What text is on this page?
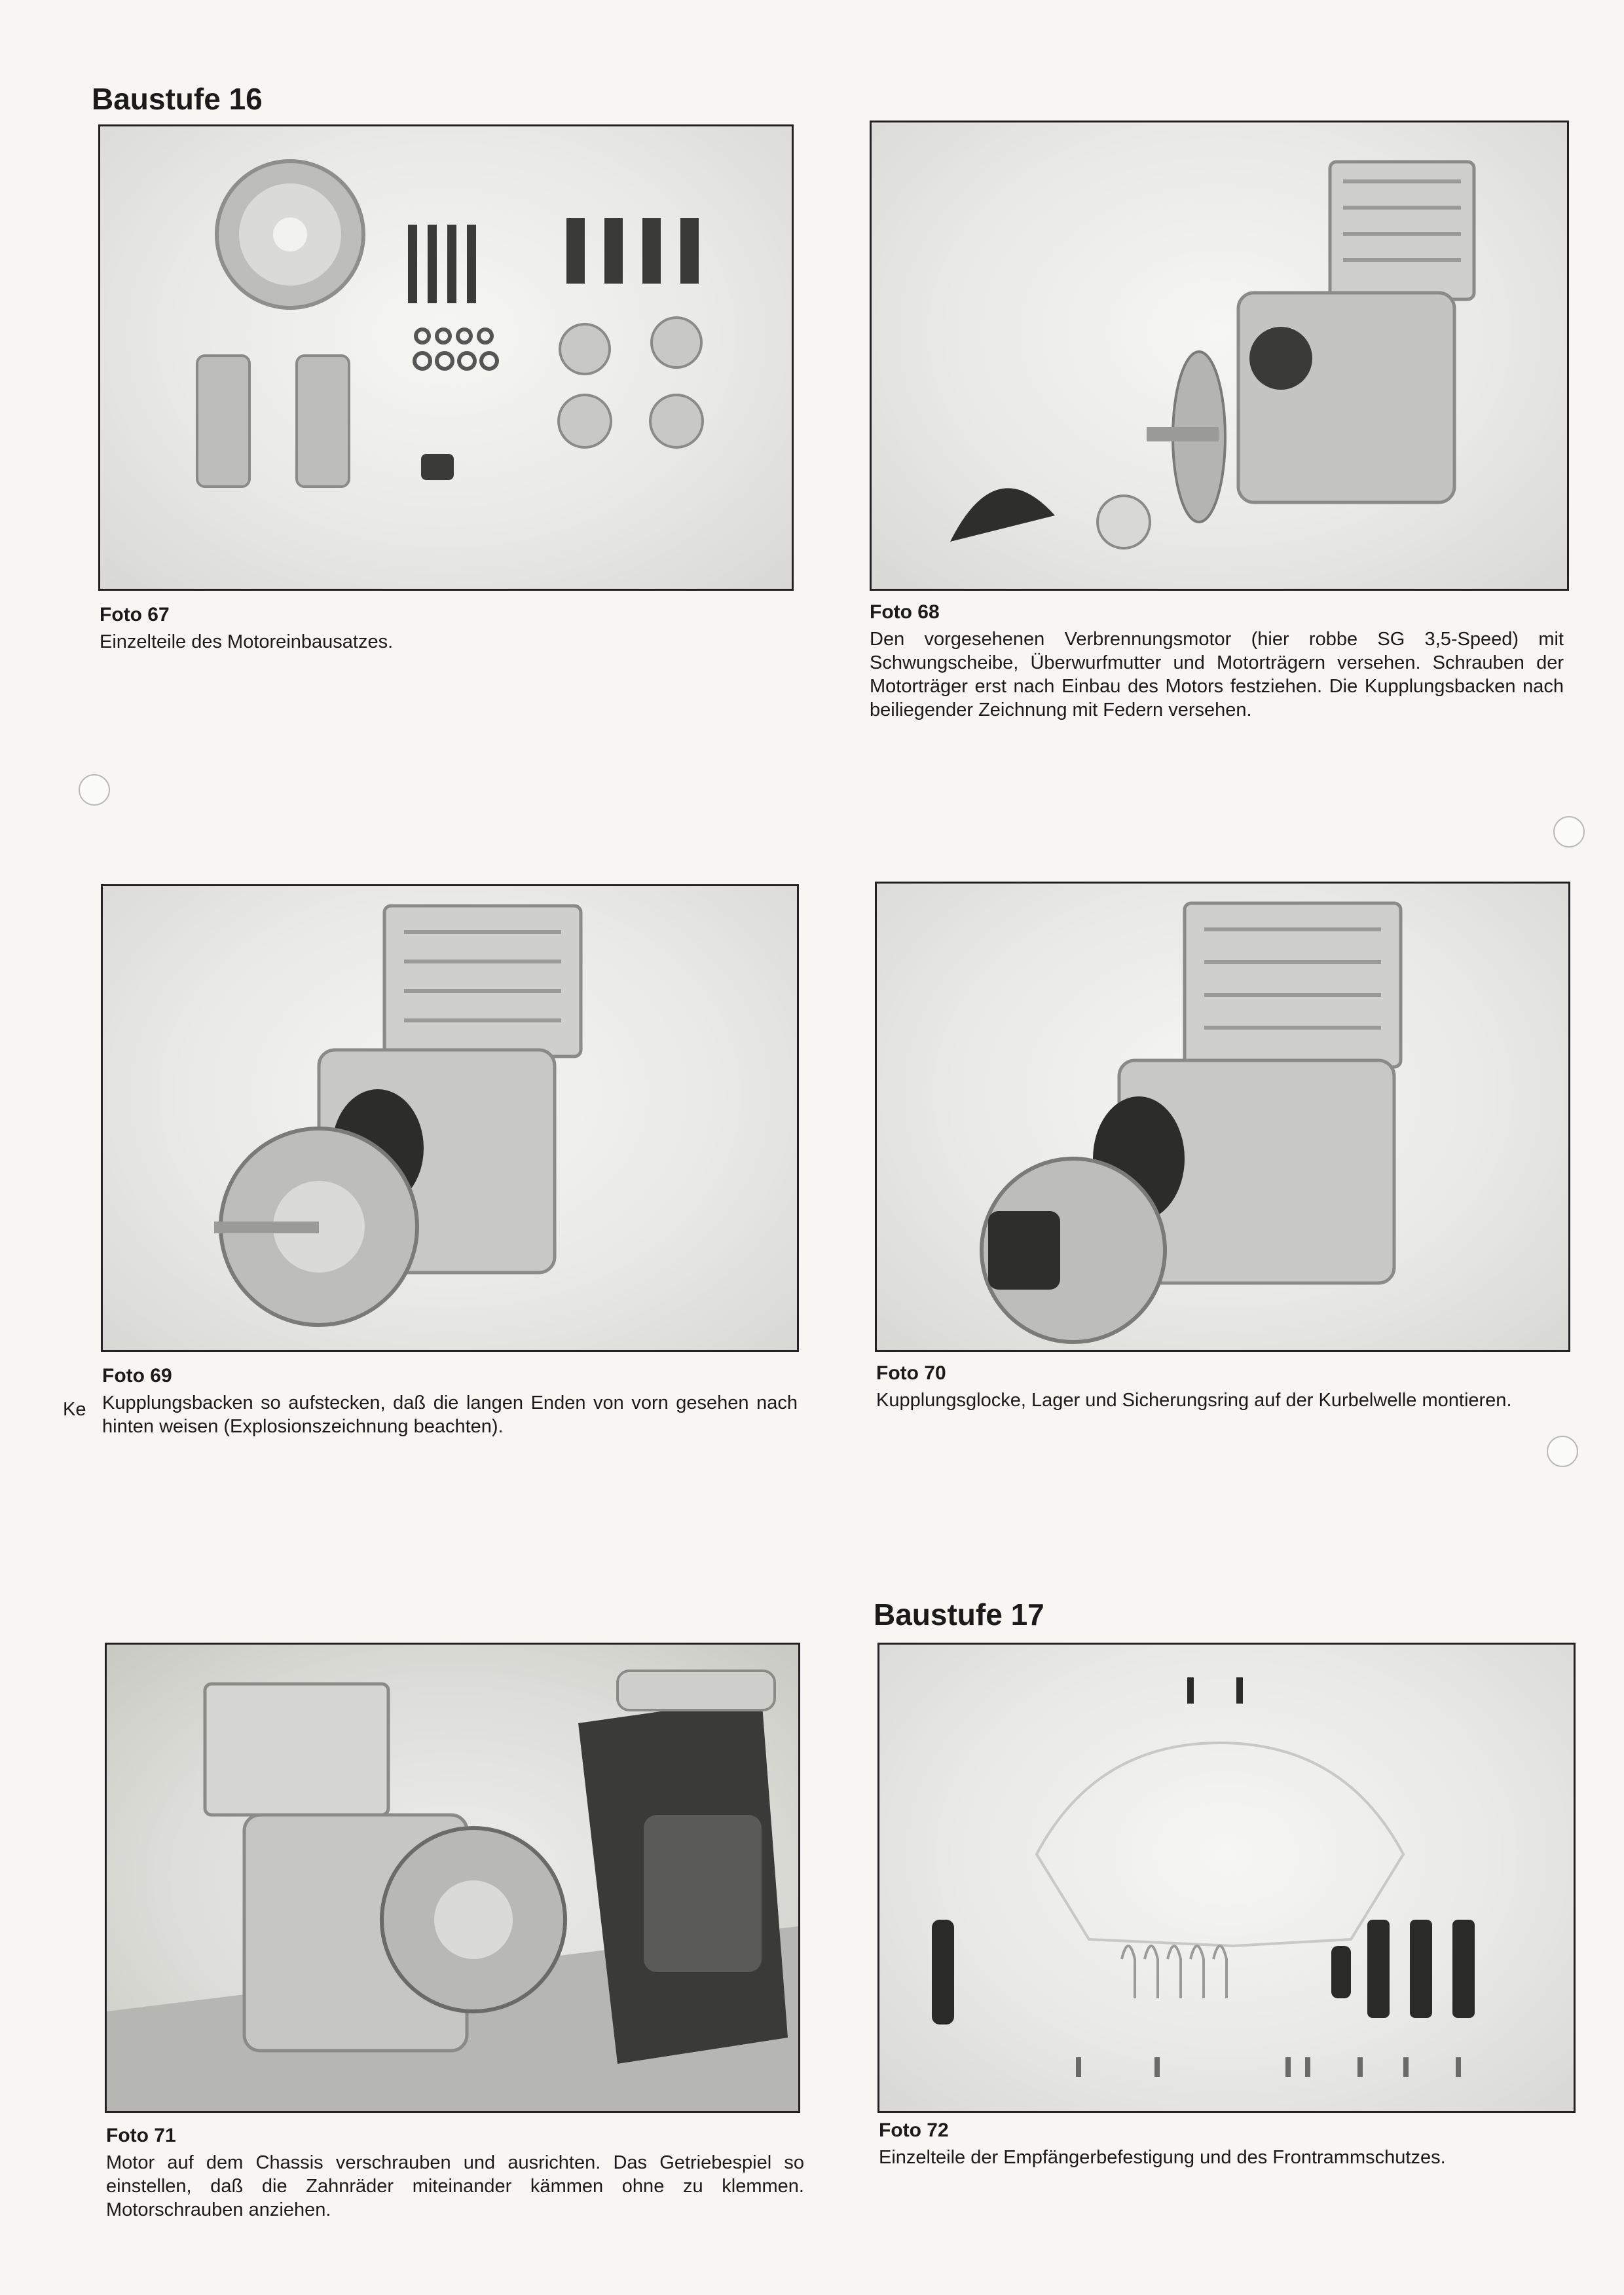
Baustufe 16
Baustufe 17

Foto 67

Einzelteile des Motoreinbausatzes.

Foto 68

Den vorgesehenen Verbrennungsmotor (hier robbe SG 3,5-Speed) mit Schwungscheibe, Überwurfmutter und Motorträgern versehen. Schrauben der Motorträger erst nach Einbau des Motors festziehen. Die Kupplungsbacken nach beiliegender Zeichnung mit Federn versehen.

Foto 69

Ke Kupplungsbacken so aufstecken, daß die langen Enden von vorn gesehen nach hinten weisen (Explosionszeichnung beachten).

Foto 70

Kupplungsglocke, Lager und Sicherungsring auf der Kurbelwelle montieren.

Foto 71

Motor auf dem Chassis verschrauben und ausrichten. Das Getriebespiel so einstellen, daß die Zahnräder miteinander kämmen ohne zu klemmen. Motorschrauben anziehen.

Foto 72

Einzelteile der Empfängerbefestigung und des Frontrammschutzes.
